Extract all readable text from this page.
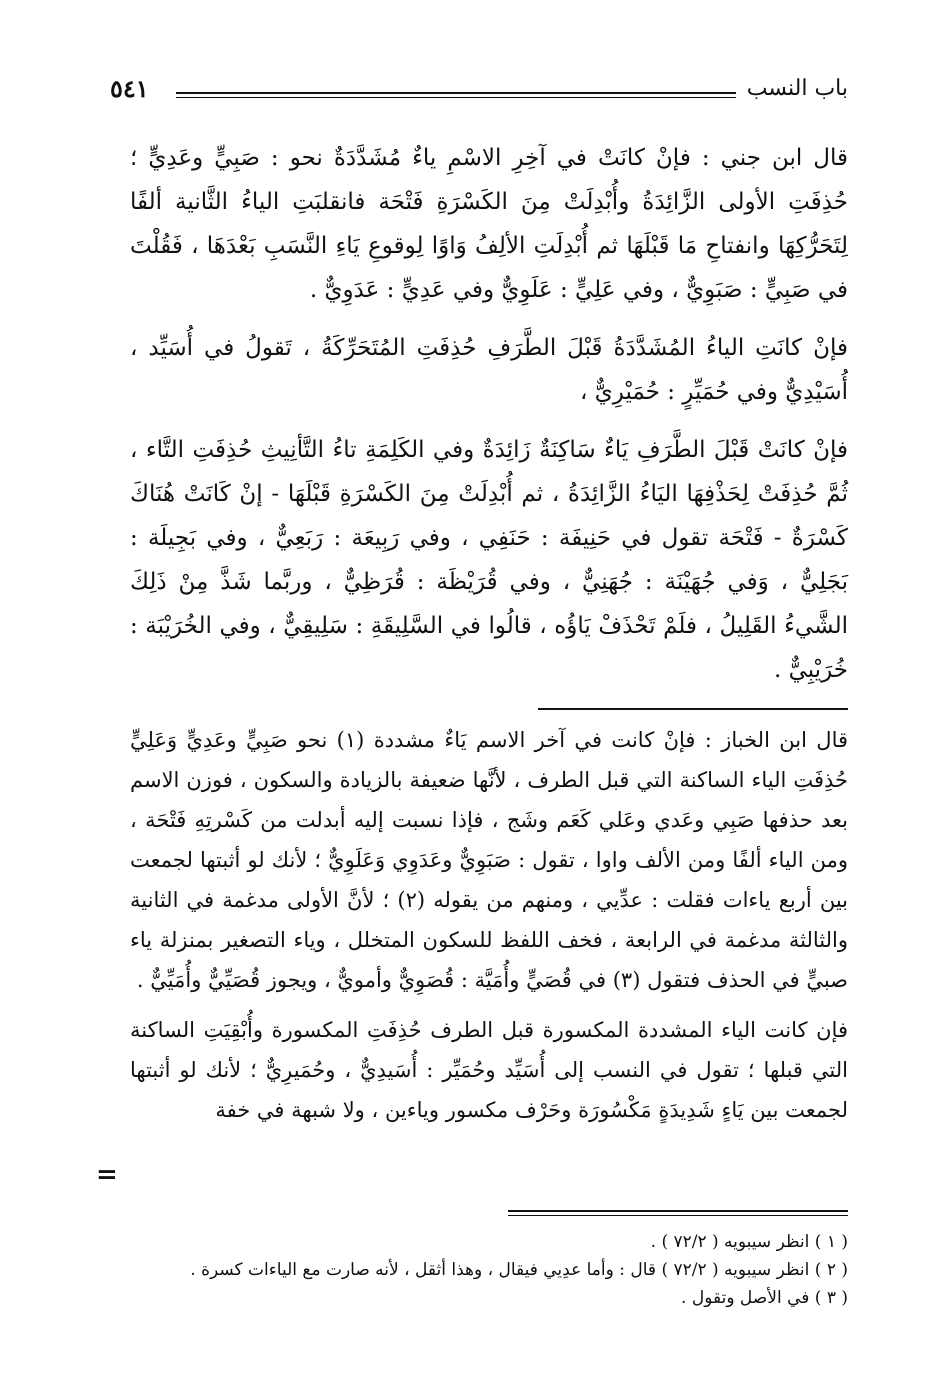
باب النسب
٥٤١

قال ابن جني : فإنْ كانَتْ في آخِرِ الاسْمِ ياءٌ مُشَدَّدَةٌ نحو : صَبِيٍّ وعَدِيٍّ ؛ حُذِفَتِ الأولى الزَّائِدَةُ وأُبْدِلَتْ مِنَ الكَسْرَةِ فَتْحَة فانقلبَتِ الياءُ الثَّانية ألفًا لِتَحَرُّكِهَا وانفتاحِ مَا قَبْلَهَا ثم أُبْدِلَتِ الألِفُ وَاوًا لِوقوعِ يَاءِ النَّسَبِ بَعْدَهَا ، فَقُلْتَ في صَبِيٍّ : صَبَوِيٌّ ، وفي عَلِيٍّ : عَلَوِيٌّ وفي عَدِيٍّ : عَدَوِيٌّ .

فإنْ كانَتِ الياءُ المُشَدَّدَةُ قَبْلَ الطَّرَفِ حُذِفَتِ المُتَحَرِّكَةُ ، تَقولُ في أُسَيِّد ، أُسَيْدِيٌّ وفي حُمَيِّرٍ : حُمَيْرِيٌّ ،

فإنْ كانَتْ قَبْلَ الطَّرَفِ يَاءٌ سَاكِنَةٌ زَائِدَةٌ وفي الكَلِمَةِ تاءُ التَّأنِيثِ حُذِفَتِ التَّاء ، ثُمَّ حُذِفَتْ لِحَذْفِهَا اليَاءُ الزَّائِدَةُ ، ثم أُبْدِلَتْ مِنَ الكَسْرَةِ قَبْلَهَا - إنْ كَانَتْ هُنَاكَ كَسْرَةٌ - فَتْحَة تقول في حَنِيفَة : حَنَفِي ، وفي رَبِيعَة : رَبَعِيٌّ ، وفي بَجِيلَة : بَجَلِيٌّ ، وَفي جُهَيْنَة : جُهَنِيٌّ ، وفي قُرَيْظَة : قُرَظِيٌّ ، وربَّما شَذَّ مِنْ ذَلِكَ الشَّيءُ القَلِيلُ ، فلَمْ تَحْذَفْ يَاؤُه ، قالُوا في السَّلِيقَةِ : سَلِيقِيٌّ ، وفي الخُرَيْبَة : خُرَيْبِيٌّ .

قال ابن الخباز : فإنْ كانت في آخر الاسم يَاءٌ مشددة (١) نحو صَبِيٍّ وعَدِيٍّ وَعَلِيٍّ حُذِفَتِ الياء الساكنة التي قبل الطرف ، لأنَّها ضعيفة بالزيادة والسكون ، فوزن الاسم بعد حذفها صَبِي وعَدي وعَلي كَعَم وشَج ، فإذا نسبت إليه أبدلت من كَسْرتِهِ فَتْحَة ، ومن الياء ألفًا ومن الألف واوا ، تقول : صَبَوِيٌّ وعَدَوِي وَعَلَوِيٌّ ؛ لأنك لو أثبتها لجمعت بين أربع ياءات فقلت : عدِّيي ، ومنهم من يقوله (٢) ؛ لأنَّ الأولى مدغمة في الثانية والثالثة مدغمة في الرابعة ، فخف اللفظ للسكون المتخلل ، وياء التصغير بمنزلة ياء صبيٍّ في الحذف فتقول (٣) في قُصَيٍّ وأُمَيَّة : قُصَوِيٌّ وأمويٌّ ، ويجوز قُصَيِّيٌّ وأُمَيِّيٌّ .

فإن كانت الياء المشددة المكسورة قبل الطرف حُذِفَتِ المكسورة وأُبْقِيَتِ الساكنة التي قبلها ؛ تقول في النسب إلى أُسَيِّد وحُمَيِّر : أُسَيدِيٌّ ، وحُمَيرِيٌّ ؛ لأنك لو أثبتها لجمعت بين يَاءٍ شَدِيدَةٍ مَكْسُورَة وحَرْف مكسور وياءين ، ولا شبهة في خفة

=
( ١ ) انظر سيبويه ( ٧٢/٢ ) .
( ٢ ) انظر سيبويه ( ٧٢/٢ ) قال : وأما عدِيي فيقال ، وهذا أثقل ، لأنه صارت مع الياءات كسرة .
( ٣ ) في الأصل وتقول .
